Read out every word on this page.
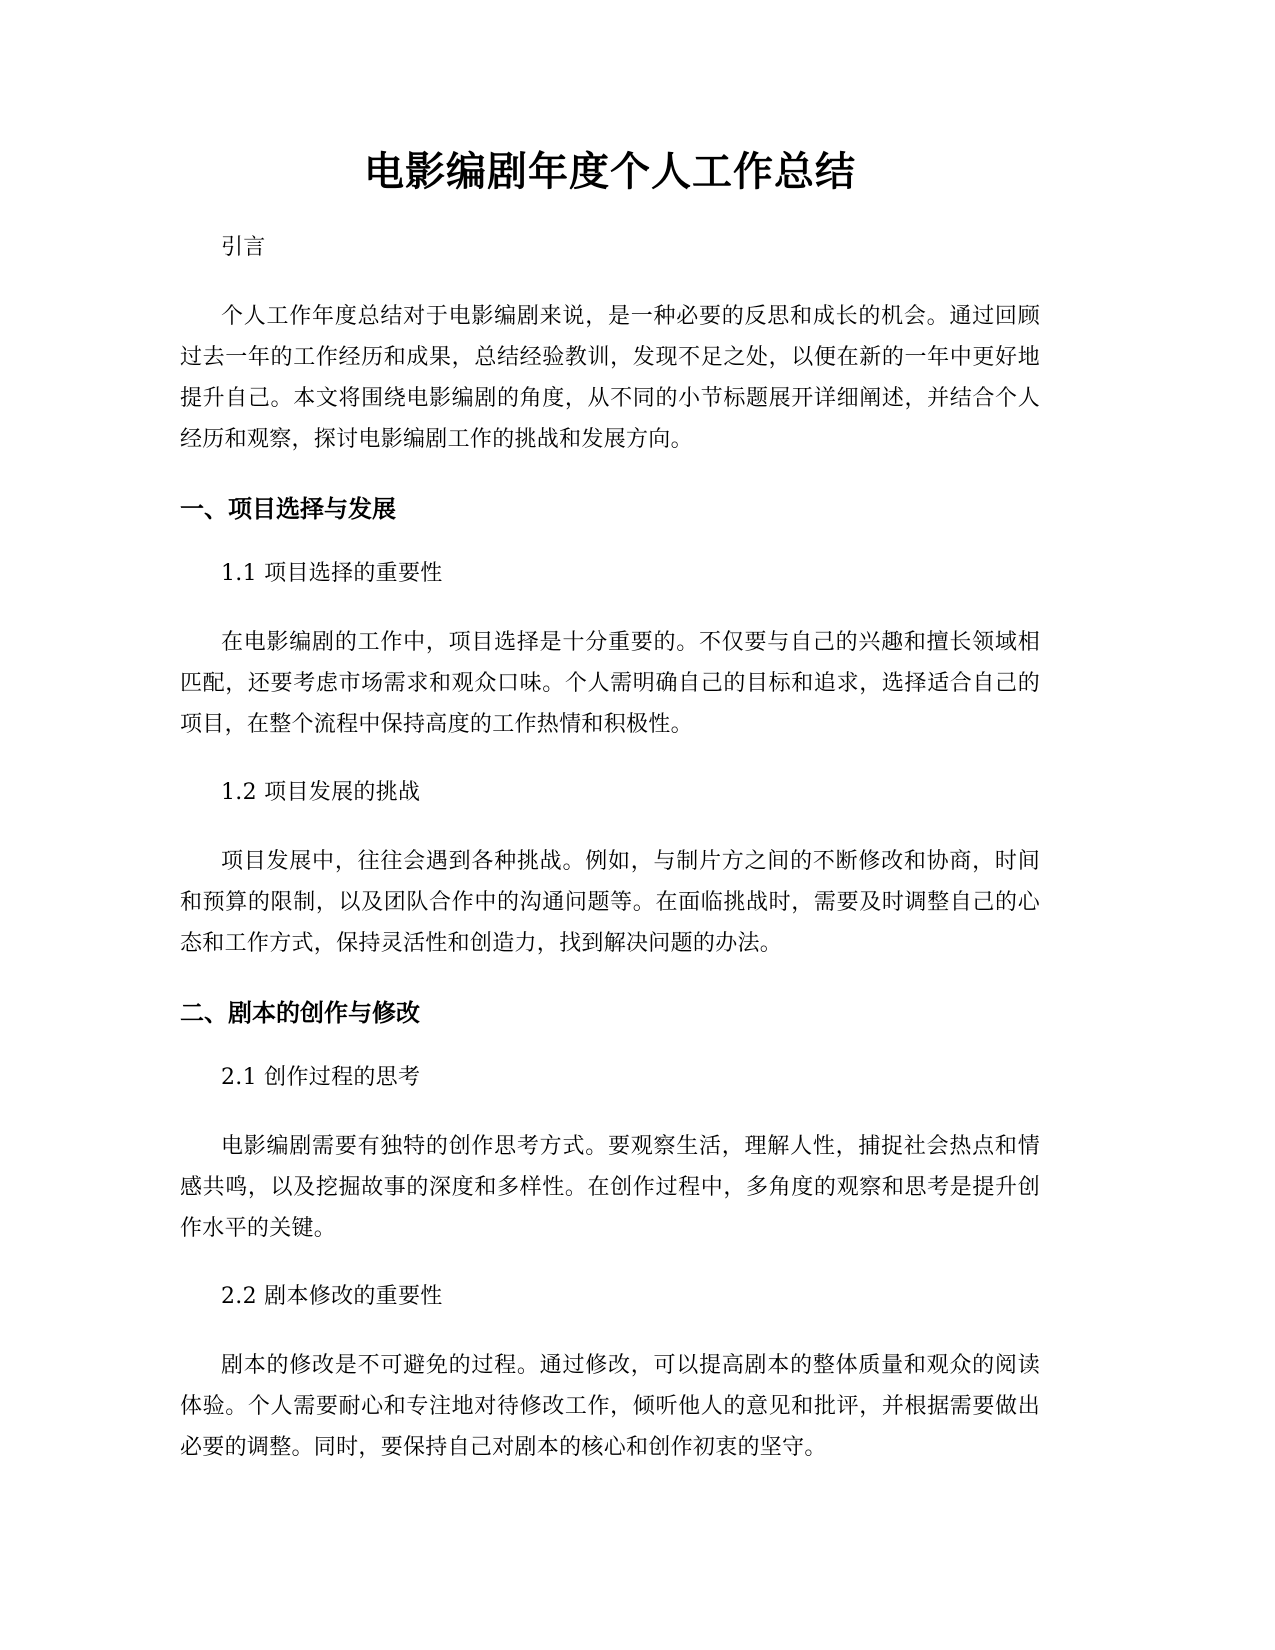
电影编剧年度个人工作总结

引言

个人工作年度总结对于电影编剧来说，是一种必要的反思和成长的机会。通过回顾过去一年的工作经历和成果，总结经验教训，发现不足之处，以便在新的一年中更好地提升自己。本文将围绕电影编剧的角度，从不同的小节标题展开详细阐述，并结合个人经历和观察，探讨电影编剧工作的挑战和发展方向。

一、项目选择与发展

1.1 项目选择的重要性

在电影编剧的工作中，项目选择是十分重要的。不仅要与自己的兴趣和擅长领域相匹配，还要考虑市场需求和观众口味。个人需明确自己的目标和追求，选择适合自己的项目，在整个流程中保持高度的工作热情和积极性。

1.2 项目发展的挑战

项目发展中，往往会遇到各种挑战。例如，与制片方之间的不断修改和协商，时间和预算的限制，以及团队合作中的沟通问题等。在面临挑战时，需要及时调整自己的心态和工作方式，保持灵活性和创造力，找到解决问题的办法。

二、剧本的创作与修改

2.1 创作过程的思考

电影编剧需要有独特的创作思考方式。要观察生活，理解人性，捕捉社会热点和情感共鸣，以及挖掘故事的深度和多样性。在创作过程中，多角度的观察和思考是提升创作水平的关键。

2.2 剧本修改的重要性

剧本的修改是不可避免的过程。通过修改，可以提高剧本的整体质量和观众的阅读体验。个人需要耐心和专注地对待修改工作，倾听他人的意见和批评，并根据需要做出必要的调整。同时，要保持自己对剧本的核心和创作初衷的坚守。
